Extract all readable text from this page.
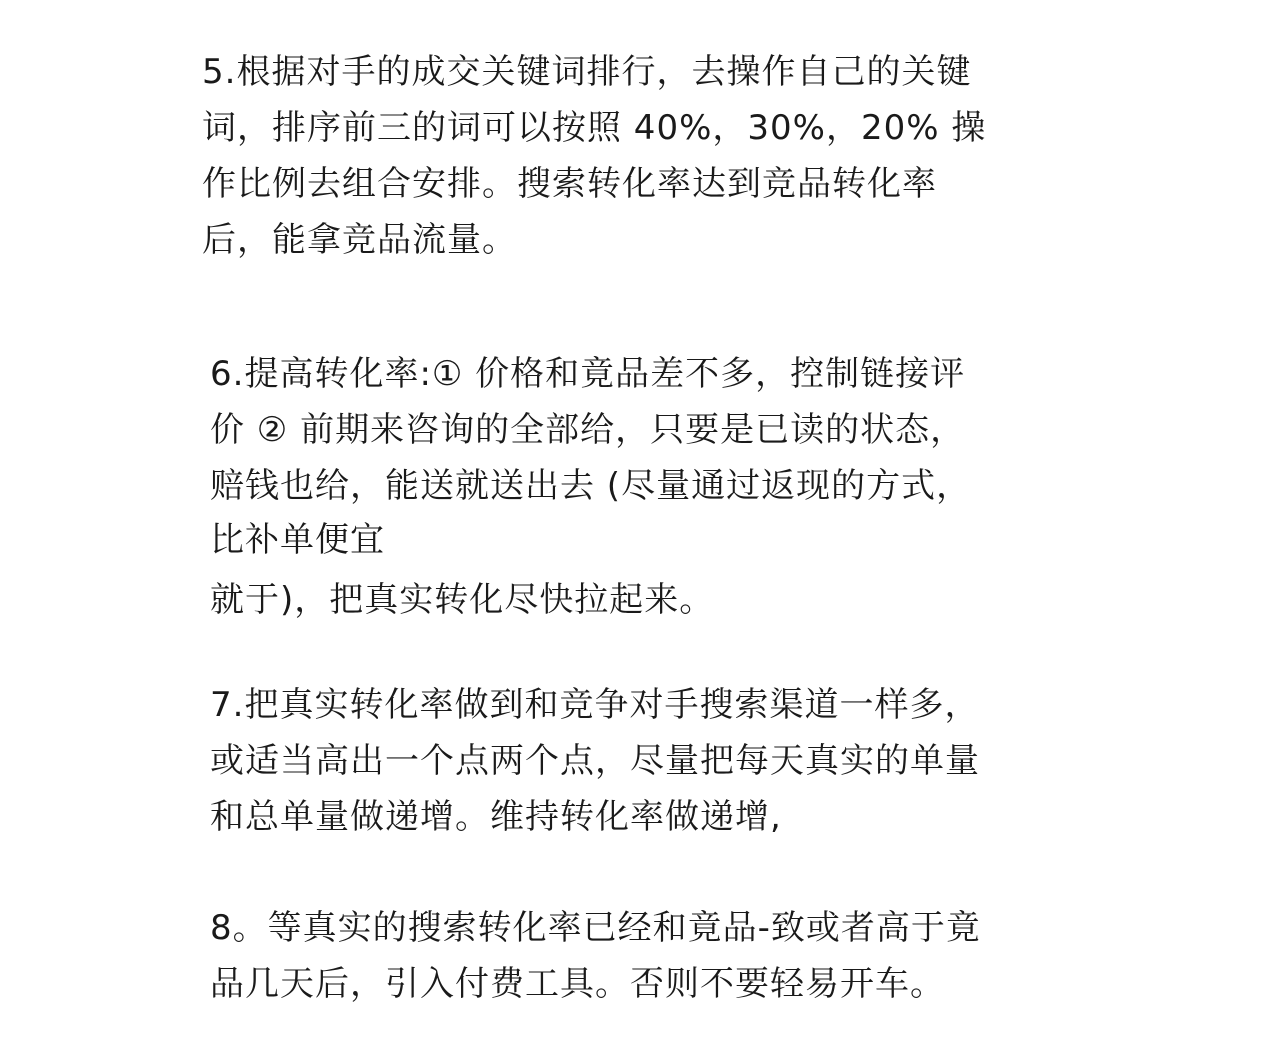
5.根据对手的成交关键词排行，去操作自己的关键
词，排序前三的词可以按照 40%，30%，20% 操
作比例去组合安排。搜索转化率达到竞品转化率
后，能拿竞品流量。
6.提高转化率:① 价格和竟品差不多，控制链接评
价 ② 前期来咨询的全部给，只要是已读的状态，
赔钱也给，能送就送出去 (尽量通过返现的方式，
比补单便宜
就于)，把真实转化尽快拉起来。
7.把真实转化率做到和竞争对手搜索渠道一样多，
或适当高出一个点两个点，尽量把每天真实的单量
和总单量做递增。维持转化率做递增,
8。等真实的搜索转化率已经和竟品-致或者高于竟
品几天后，引入付费工具。否则不要轻易开车。
